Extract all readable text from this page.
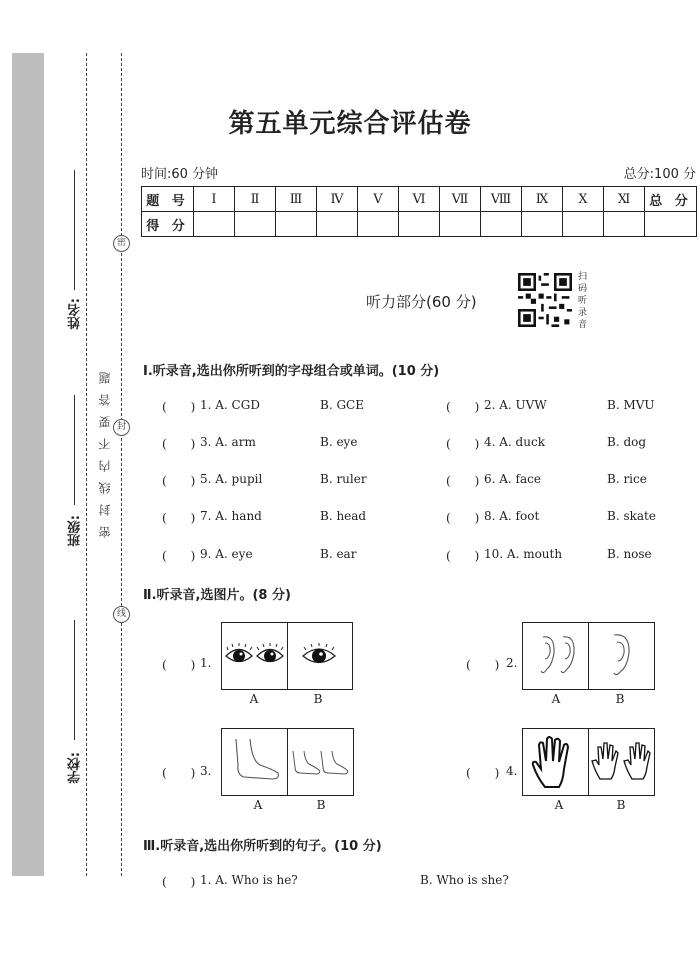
姓名:
班级:
学校:
密封线内不要答题
密
封
线
第五单元综合评估卷
时间:60 分钟	总分:100 分
题 号	Ⅰ	Ⅱ	Ⅲ	Ⅳ	Ⅴ	Ⅵ	Ⅶ	Ⅷ	Ⅸ	Ⅹ	Ⅺ	总 分
得 分												
听力部分(60 分)
扫码听录音
Ⅰ.听录音,选出你所听到的字母组合或单词。(10 分)
(　　) 1. A. CGD	B. GCE	(　　) 2. A. UVW	B. MVU
(　　) 3. A. arm	B. eye	(　　) 4. A. duck	B. dog
(　　) 5. A. pupil	B. ruler	(　　) 6. A. face	B. rice
(　　) 7. A. hand	B. head	(　　) 8. A. foot	B. skate
(　　) 9. A. eye	B. ear	(　　) 10. A. mouth	B. nose
Ⅱ.听录音,选图片。(8 分)
(　　) 1.
A	B
(　　) 2.
A	B
(　　) 3.
A	B
(　　) 4.
A	B
Ⅲ.听录音,选出你所听到的句子。(10 分)
(　　) 1. A. Who is he?	B. Who is she?
